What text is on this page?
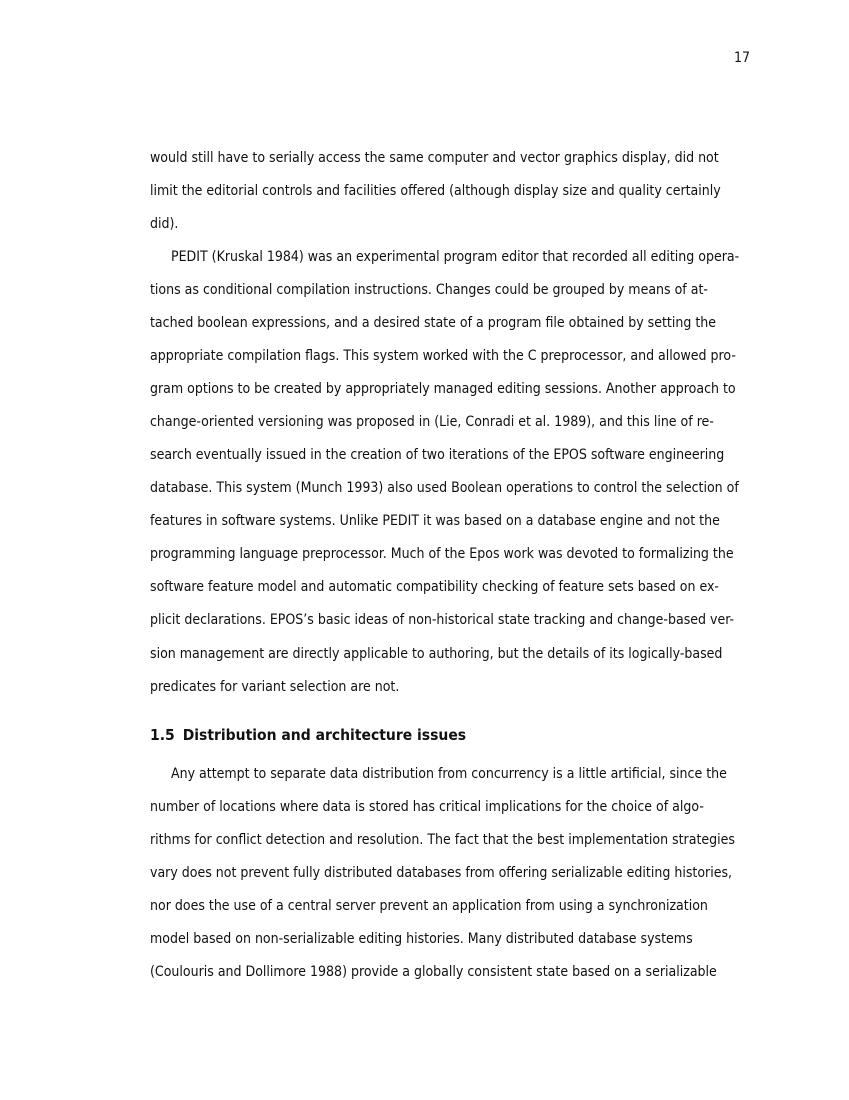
17
would still have to serially access the same computer and vector graphics display, did not
limit the editorial controls and facilities offered (although display size and quality certainly
did).
PEDIT (Kruskal 1984) was an experimental program editor that recorded all editing opera-
tions as conditional compilation instructions. Changes could be grouped by means of at-
tached boolean expressions, and a desired state of a program file obtained by setting the
appropriate compilation flags. This system worked with the C preprocessor, and allowed pro-
gram options to be created by appropriately managed editing sessions. Another approach to
change-oriented versioning was proposed in (Lie, Conradi et al. 1989), and this line of re-
search eventually issued in the creation of two iterations of the EPOS software engineering
database. This system (Munch 1993) also used Boolean operations to control the selection of
features in software systems. Unlike PEDIT it was based on a database engine and not the
programming language preprocessor. Much of the Epos work was devoted to formalizing the
software feature model and automatic compatibility checking of feature sets based on ex-
plicit declarations. EPOS’s basic ideas of non-historical state tracking and change-based ver-
sion management are directly applicable to authoring, but the details of its logically-based
predicates for variant selection are not.
1.5 Distribution and architecture issues
Any attempt to separate data distribution from concurrency is a little artificial, since the
number of locations where data is stored has critical implications for the choice of algo-
rithms for conflict detection and resolution. The fact that the best implementation strategies
vary does not prevent fully distributed databases from offering serializable editing histories,
nor does the use of a central server prevent an application from using a synchronization
model based on non-serializable editing histories. Many distributed database systems
(Coulouris and Dollimore 1988) provide a globally consistent state based on a serializable
